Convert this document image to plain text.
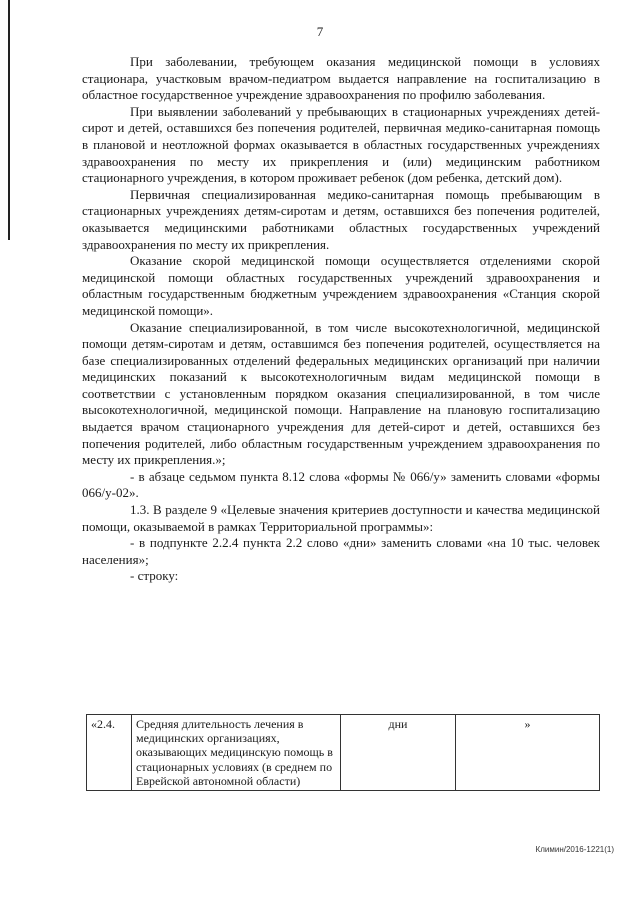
7

При заболевании, требующем оказания медицинской помощи в условиях стационара, участковым врачом-педиатром выдается направление на госпитализацию в областное государственное учреждение здравоохранения по профилю заболевания.

При выявлении заболеваний у пребывающих в стационарных учреждениях детей-сирот и детей, оставшихся без попечения родителей, первичная медико-санитарная помощь в плановой и неотложной формах оказывается в областных государственных учреждениях здравоохранения по месту их прикрепления и (или) медицинским работником стационарного учреждения, в котором проживает ребенок (дом ребенка, детский дом).

Первичная специализированная медико-санитарная помощь пребывающим в стационарных учреждениях детям-сиротам и детям, оставшихся без попечения родителей, оказывается медицинскими работниками областных государственных учреждений здравоохранения по месту их прикрепления.

Оказание скорой медицинской помощи осуществляется отделениями скорой медицинской помощи областных государственных учреждений здравоохранения и областным государственным бюджетным учреждением здравоохранения «Станция скорой медицинской помощи».

Оказание специализированной, в том числе высокотехнологичной, медицинской помощи детям-сиротам и детям, оставшимся без попечения родителей, осуществляется на базе специализированных отделений федеральных медицинских организаций при наличии медицинских показаний к высокотехнологичным видам медицинской помощи в соответствии с установленным порядком оказания специализированной, в том числе высокотехнологичной, медицинской помощи. Направление на плановую госпитализацию выдается врачом стационарного учреждения для детей-сирот и детей, оставшихся без попечения родителей, либо областным государственным учреждением здравоохранения по месту их прикрепления.»;

- в абзаце седьмом пункта 8.12 слова «формы № 066/у» заменить словами «формы 066/у-02».

1.3. В разделе 9 «Целевые значения критериев доступности и качества медицинской помощи, оказываемой в рамках Территориальной программы»:

- в подпункте 2.2.4 пункта 2.2 слово «дни» заменить словами «на 10 тыс. человек населения»;

- строку:

«2.4.	Средняя длительность лечения в медицинских организациях, оказывающих медицинскую помощь в стационарных условиях (в среднем по Еврейской автономной области)	дни	»
Климин/2016-1221(1)
